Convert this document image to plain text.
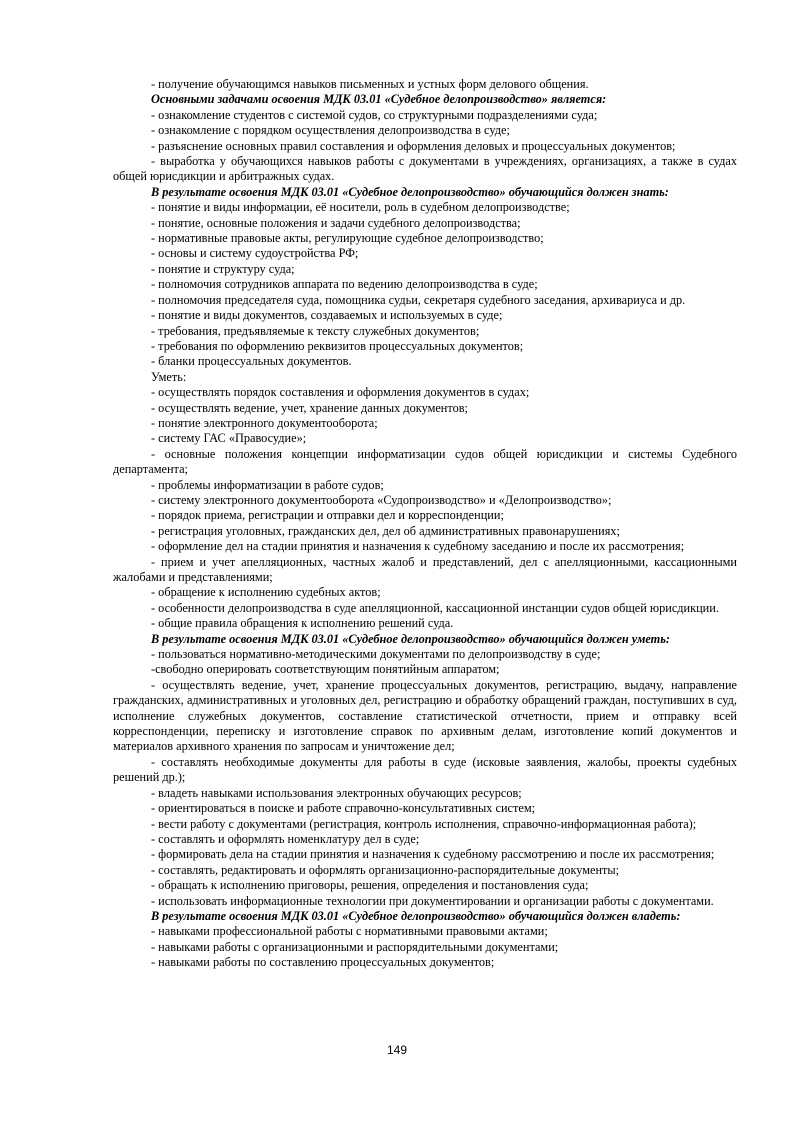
- получение обучающимся навыков письменных и устных форм делового общения.

Основными задачами освоения МДК 03.01 «Судебное делопроизводство» является:

- ознакомление студентов с системой судов, со структурными подразделениями суда;

- ознакомление с порядком осуществления делопроизводства в суде;

- разъяснение основных правил составления и оформления деловых и процессуальных документов;

- выработка у обучающихся навыков работы с документами в учреждениях, организациях, а также в судах общей юрисдикции и арбитражных судах.

В результате освоения МДК 03.01 «Судебное делопроизводство» обучающийся должен знать:

- понятие и виды информации, её носители, роль в судебном делопроизводстве;

- понятие, основные положения и задачи судебного делопроизводства;

- нормативные правовые акты, регулирующие судебное делопроизводство;

- основы и систему судоустройства РФ;

- понятие и структуру суда;

- полномочия сотрудников аппарата по ведению делопроизводства в суде;

- полномочия председателя суда, помощника судьи, секретаря судебного заседания, архивариуса и др.

- понятие и виды документов, создаваемых и используемых в суде;

- требования, предъявляемые к тексту служебных документов;

- требования по оформлению реквизитов процессуальных документов;

- бланки процессуальных документов.

Уметь:

- осуществлять порядок составления и оформления документов в судах;

- осуществлять ведение, учет, хранение данных документов;

- понятие электронного документооборота;

- систему ГАС «Правосудие»;

- основные положения концепции информатизации судов общей юрисдикции и системы Судебного департамента;

- проблемы информатизации в работе судов;

- систему электронного документооборота «Судопроизводство» и «Делопроизводство»;

- порядок приема, регистрации и отправки дел и корреспонденции;

- регистрация уголовных, гражданских дел, дел об административных правонарушениях;

- оформление дел на стадии принятия и назначения к судебному заседанию и после их рассмотрения;

- прием и учет апелляционных, частных жалоб и представлений, дел с апелляционными, кассационными жалобами и представлениями;

- обращение к исполнению судебных актов;

- особенности делопроизводства в суде апелляционной, кассационной инстанции судов общей юрисдикции.

- общие правила обращения к исполнению решений суда.

В результате освоения МДК 03.01 «Судебное делопроизводство» обучающийся должен уметь:

- пользоваться нормативно-методическими документами по делопроизводству в суде;

-свободно оперировать соответствующим понятийным аппаратом;

- осуществлять ведение, учет, хранение процессуальных документов, регистрацию, выдачу, направление гражданских, административных и уголовных дел, регистрацию и обработку обращений граждан, поступивших в суд, исполнение служебных документов, составление статистической отчетности, прием и отправку всей корреспонденции, переписку и изготовление справок по архивным делам, изготовление копий документов и материалов архивного хранения по запросам и уничтожение дел;

- составлять необходимые документы для работы в суде (исковые заявления, жалобы, проекты судебных решений др.);

- владеть навыками использования электронных обучающих ресурсов;

- ориентироваться в поиске и работе справочно-консультативных систем;

- вести работу с документами (регистрация, контроль исполнения, справочно-информационная работа);

- составлять и оформлять номенклатуру дел в суде;

- формировать дела на стадии принятия и назначения к судебному рассмотрению и после их рассмотрения;

- составлять, редактировать и оформлять организационно-распорядительные документы;

- обращать к исполнению приговоры, решения, определения и постановления суда;

- использовать информационные технологии при документировании и организации работы с документами.

В результате освоения МДК 03.01 «Судебное делопроизводство» обучающийся должен владеть:

- навыками профессиональной работы с нормативными правовыми актами;

- навыками работы с организационными и распорядительными документами;

- навыками работы по составлению процессуальных документов;

149
